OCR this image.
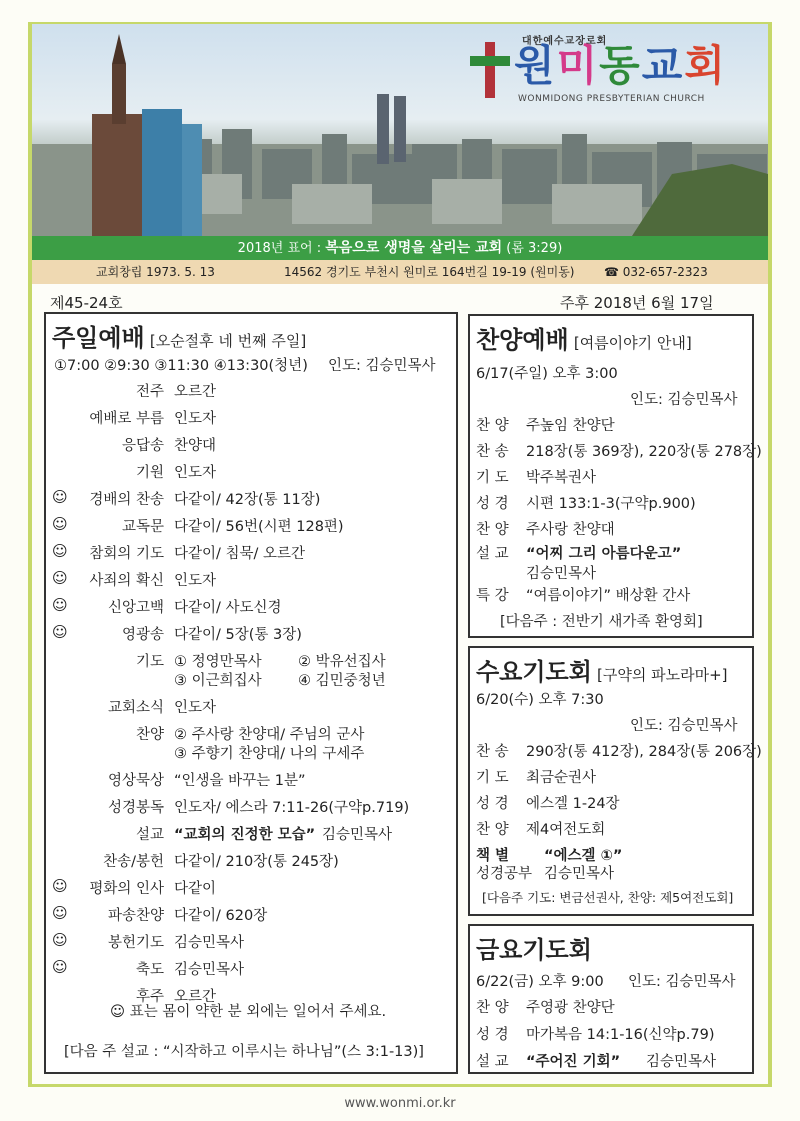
대한예수교장로회
원미동교회
WONMIDONG PRESBYTERIAN CHURCH
2018년 표어 : 복음으로 생명을 살리는 교회 (롬 3:29)
교회창립 1973. 5. 13	14562 경기도 부천시 원미로 164번길 19-19 (원미동) ☎ 032-657-2323
제45-24호	주후 2018년 6월 17일
주일예배 [오순절후 네 번째 주일]
①7:00 ②9:30 ③11:30 ④13:30(청년) 인도: 김승민목사
전주 오르간
예배로 부름 인도자
응답송 찬양대
기원 인도자
☺ 경배의 찬송 다같이/ 42장(통 11장)
☺	교독문 다같이/ 56번(시편 128편)
☺ 참회의 기도 다같이/ 침묵/ 오르간
☺ 사죄의 확신 인도자
☺	신앙고백 다같이/ 사도신경
☺	영광송 다같이/ 5장(통 3장)
기도 ① 정영만목사	② 박유선집사
③ 이근희집사	④ 김민중청년
교회소식 인도자
찬양 ② 주사랑 찬양대/ 주님의 군사
③ 주향기 찬양대/ 나의 구세주
영상묵상 “인생을 바꾸는 1분”
성경봉독 인도자/ 에스라 7:11-26(구약p.719)
설교 “교회의 진정한 모습” 김승민목사
찬송/봉헌 다같이/ 210장(통 245장)
☺ 평화의 인사 다같이
☺	파송찬양 다같이/ 620장
☺	봉헌기도 김승민목사
☺	축도 김승민목사
후주 오르간
☺ 표는 몸이 약한 분 외에는 일어서 주세요.
[다음 주 설교 : “시작하고 이루시는 하나님”(스 3:1-13)]
찬양예배 [여름이야기 안내]
6/17(주일) 오후 3:00
인도: 김승민목사
찬 양 주높임 찬양단
찬 송 218장(통 369장), 220장(통 278장)
기 도 박주복권사
성 경 시편 133:1-3(구약p.900)
찬 양 주사랑 찬양대
설 교 “어찌 그리 아름다운고”
김승민목사
특 강 “여름이야기” 배상환 간사
[다음주 : 전반기 새가족 환영회]
수요기도회 [구약의 파노라마+]
6/20(수) 오후 7:30
인도: 김승민목사
찬 송 290장(통 412장), 284장(통 206장)
기 도 최금순권사
성 경 에스겔 1-24장
찬 양 제4여전도회
책 별 “에스겔 ①”
성경공부 김승민목사
[다음주 기도: 변금선권사, 찬양: 제5여전도회]
금요기도회
6/22(금) 오후 9:00 인도: 김승민목사
찬 양 주영광 찬양단
성 경 마가복음 14:1-16(신약p.79)
설 교 “주어진 기회” 김승민목사
www.wonmi.or.kr
